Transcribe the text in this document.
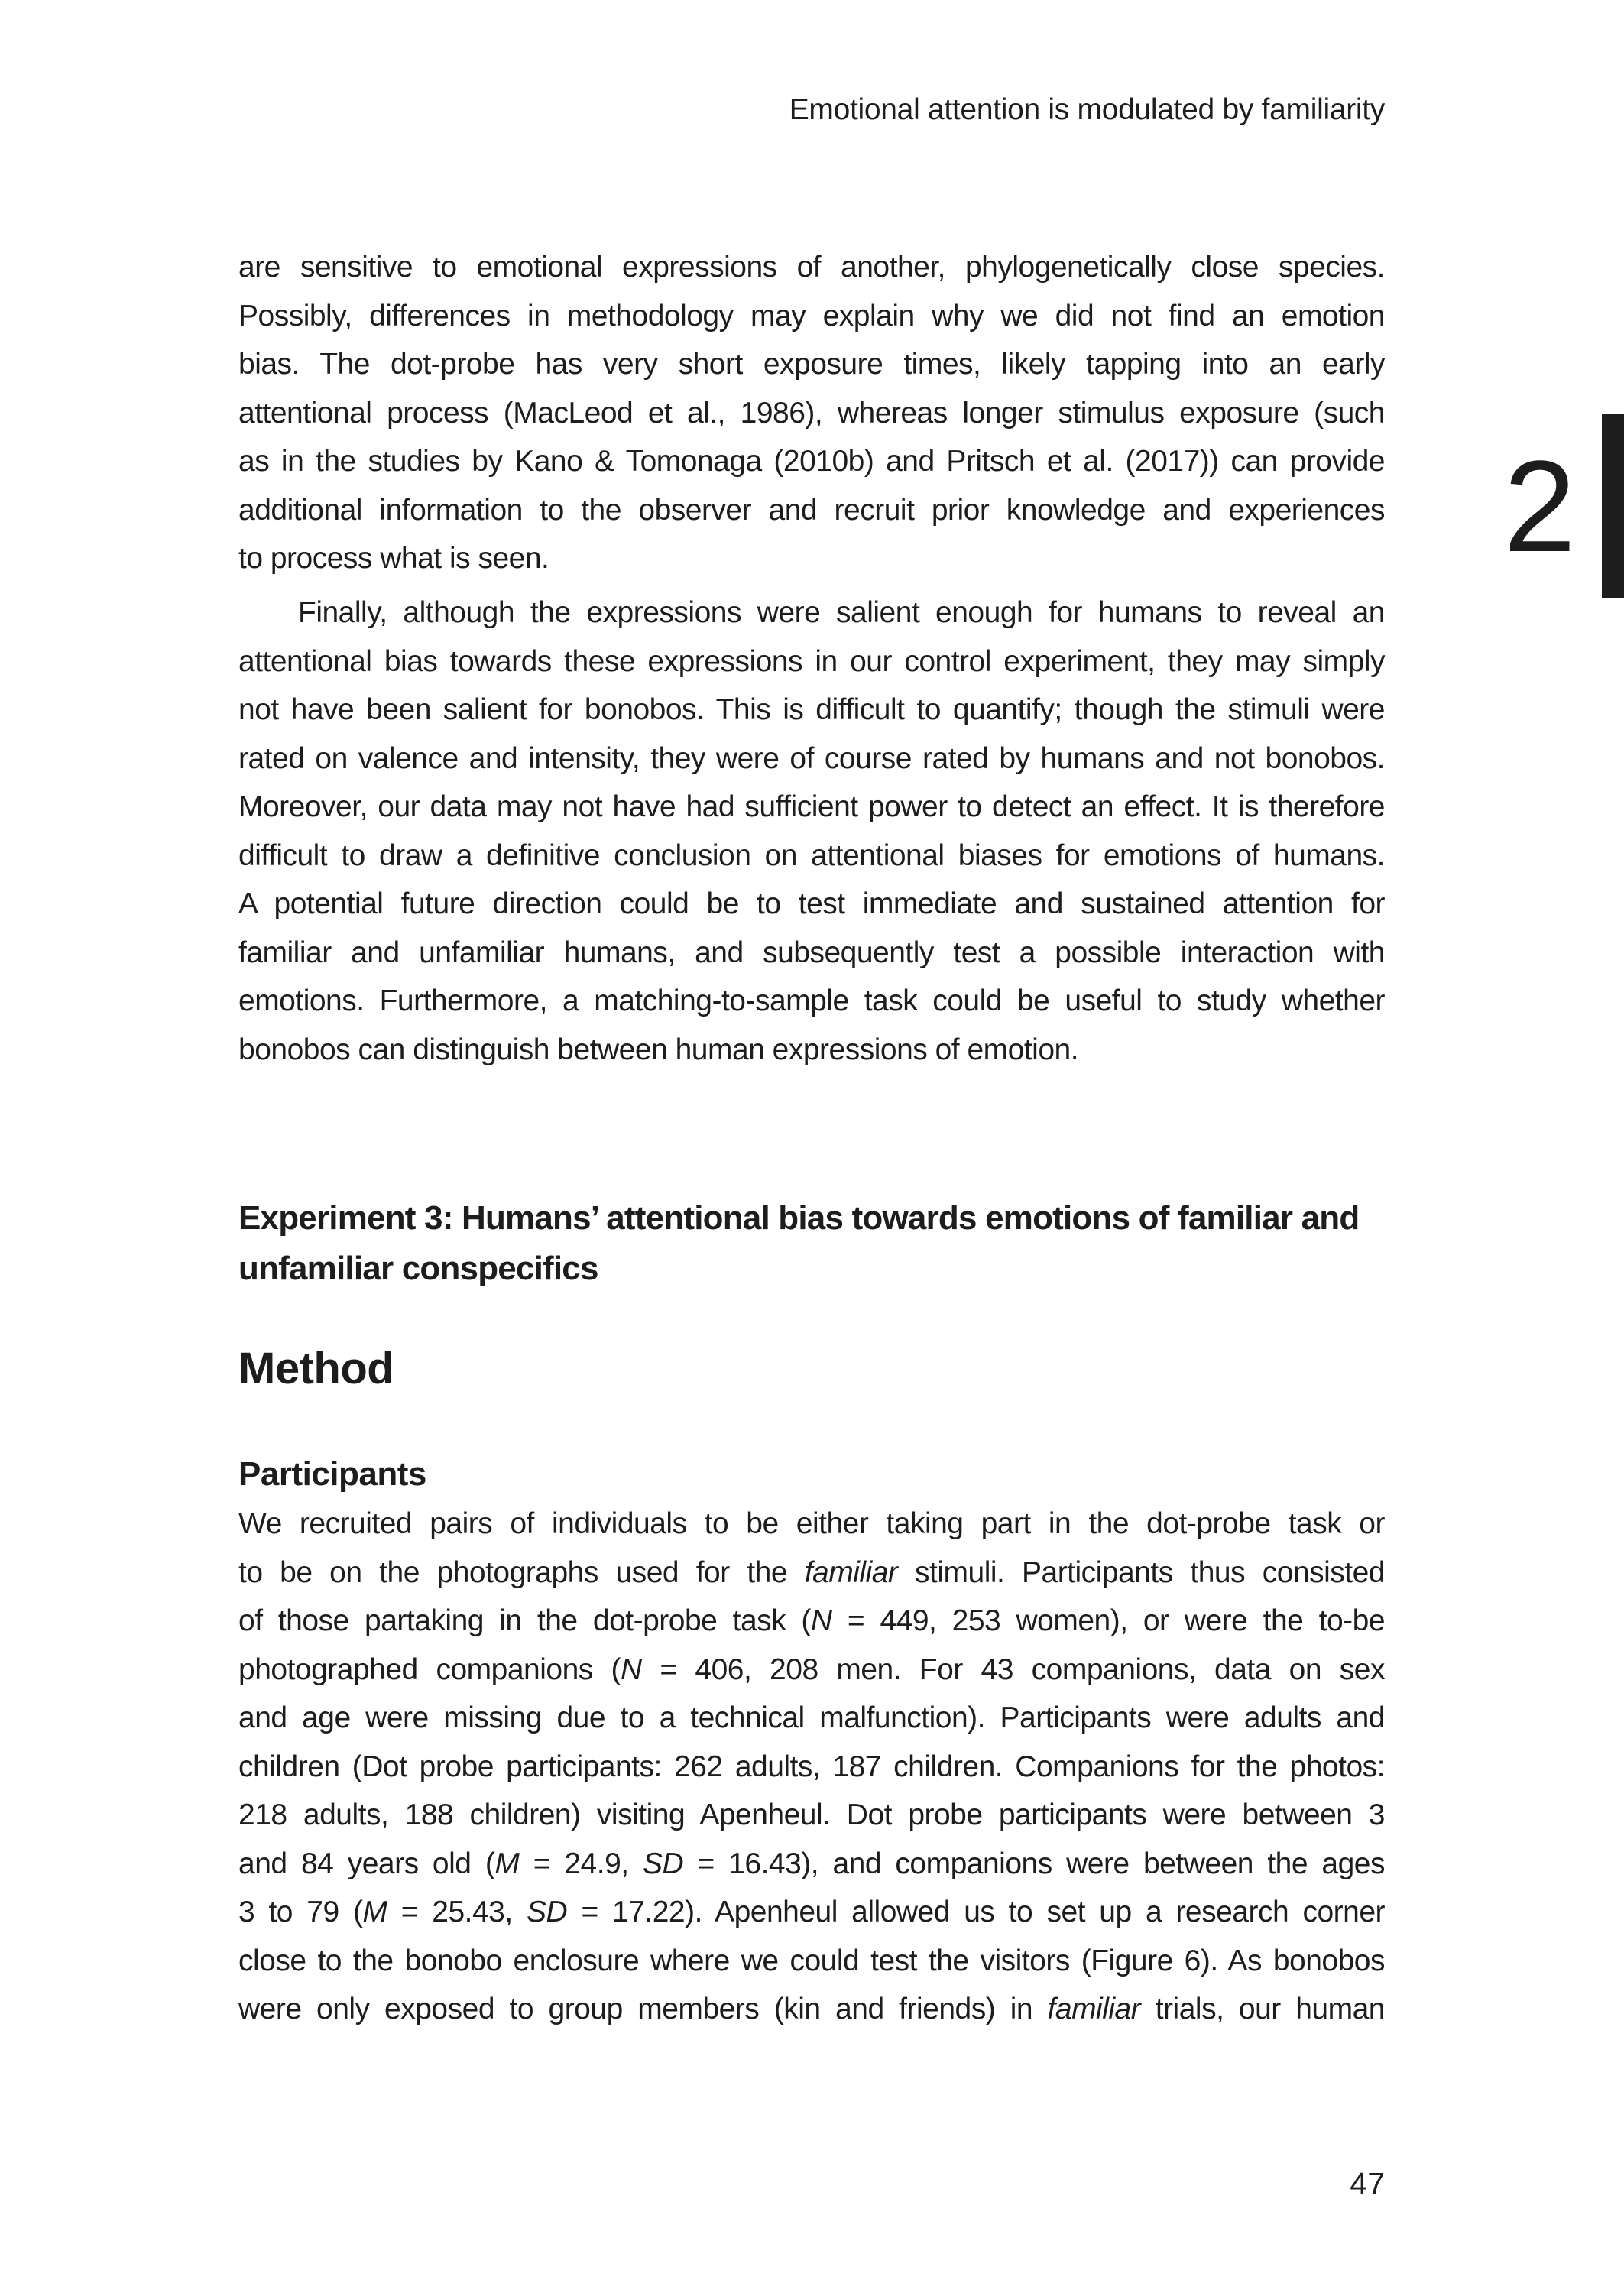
Emotional attention is modulated by familiarity
2
are sensitive to emotional expressions of another, phylogenetically close species.
Possibly, differences in methodology may explain why we did not find an emotion
bias. The dot-probe has very short exposure times, likely tapping into an early
attentional process (MacLeod et al., 1986), whereas longer stimulus exposure (such
as in the studies by Kano & Tomonaga (2010b) and Pritsch et al. (2017)) can provide
additional information to the observer and recruit prior knowledge and experiences
to process what is seen.
Finally, although the expressions were salient enough for humans to reveal an
attentional bias towards these expressions in our control experiment, they may simply
not have been salient for bonobos. This is difficult to quantify; though the stimuli were
rated on valence and intensity, they were of course rated by humans and not bonobos.
Moreover, our data may not have had sufficient power to detect an effect. It is therefore
difficult to draw a definitive conclusion on attentional biases for emotions of humans.
A potential future direction could be to test immediate and sustained attention for
familiar and unfamiliar humans, and subsequently test a possible interaction with
emotions. Furthermore, a matching-to-sample task could be useful to study whether
bonobos can distinguish between human expressions of emotion.
Experiment 3: Humans’ attentional bias towards emotions of familiar and
unfamiliar conspecifics
Method
Participants
We recruited pairs of individuals to be either taking part in the dot-probe task or
to be on the photographs used for the familiar stimuli. Participants thus consisted
of those partaking in the dot-probe task (N = 449, 253 women), or were the to-be
photographed companions (N = 406, 208 men. For 43 companions, data on sex
and age were missing due to a technical malfunction). Participants were adults and
children (Dot probe participants: 262 adults, 187 children. Companions for the photos:
218 adults, 188 children) visiting Apenheul. Dot probe participants were between 3
and 84 years old (M = 24.9, SD = 16.43), and companions were between the ages
3 to 79 (M = 25.43, SD = 17.22). Apenheul allowed us to set up a research corner
close to the bonobo enclosure where we could test the visitors (Figure 6). As bonobos
were only exposed to group members (kin and friends) in familiar trials, our human
47
